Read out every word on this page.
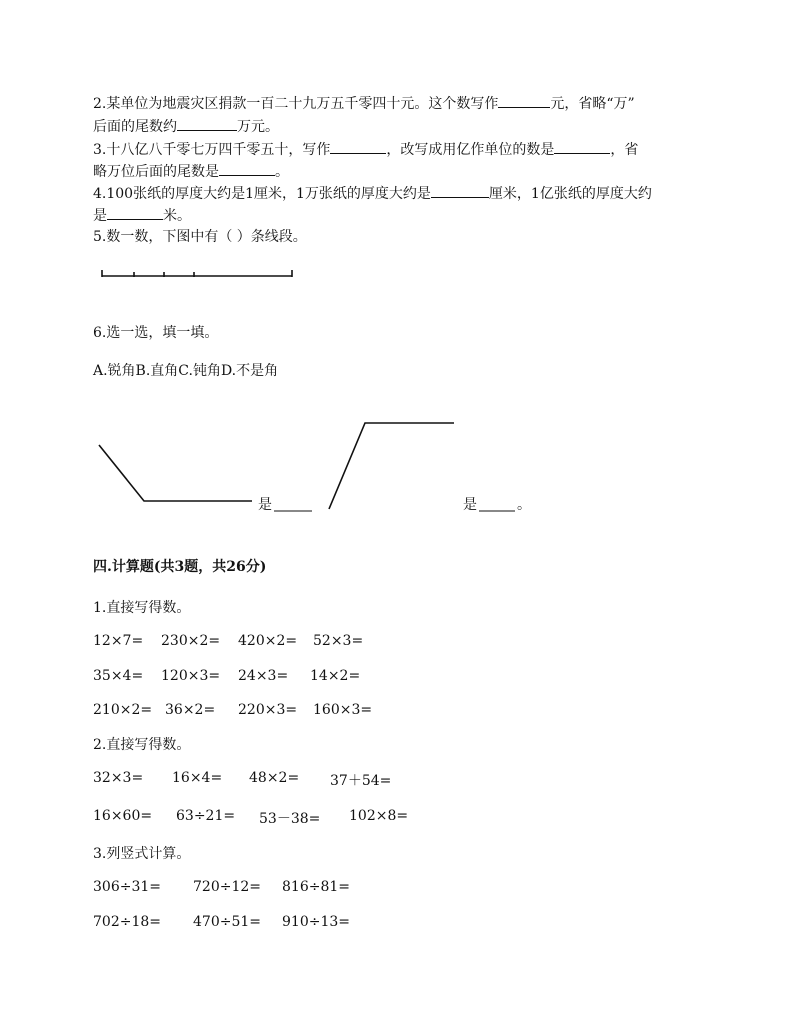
2.某单位为地震灾区捐款一百二十九万五千零四十元。这个数写作	元，省略“万”
后面的尾数约	万元。
3.十八亿八千零七万四千零五十，写作	，改写成用亿作单位的数是	，省
略万位后面的尾数是	。
4.100张纸的厚度大约是1厘米，1万张纸的厚度大约是	厘米，1亿张纸的厚度大约
是	米。
5.数一数，下图中有（ ）条线段。
6.选一选，填一填。
A.锐角B.直角C.钝角D.不是角
是	是	。
四.计算题(共3题，共26分)
1.直接写得数。
12×7= 230×2= 420×2= 52×3=
35×4= 120×3= 24×3= 14×2=
210×2= 36×2= 220×3= 160×3=
2.直接写得数。
32×3= 16×4= 48×2= 37＋54=
16×60= 63÷21= 53－38= 102×8=
3.列竖式计算。
306÷31= 720÷12= 816÷81=
702÷18= 470÷51= 910÷13=
